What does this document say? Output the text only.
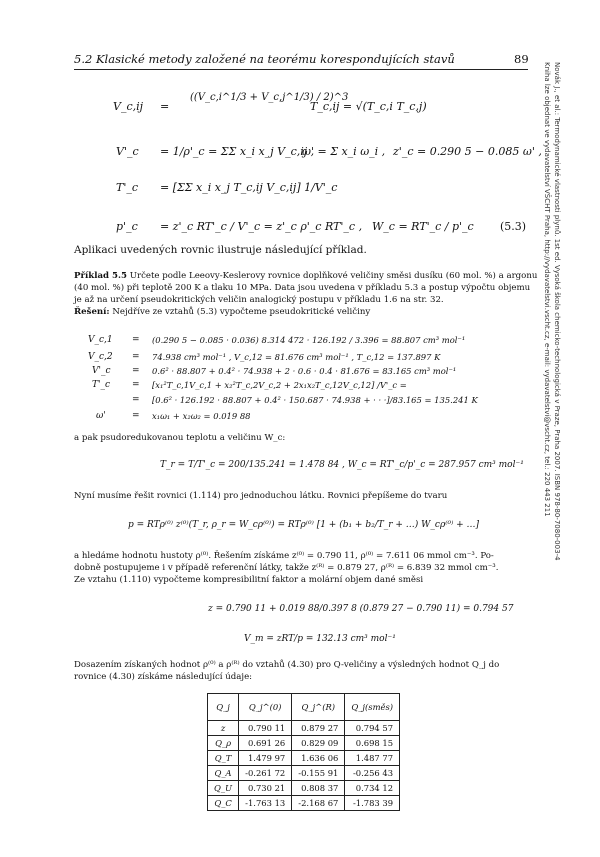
5.2 Klasické metody založené na teorému korespondujících stavů	89
Novák J., et al.: Termodynamické vlastnosti plynů. 1st ed. Vysoká škola chemicko-technologická v Praze, Praha 2007. ISBN 978-80-7080-003-4
Kniha lze objednat ve vydavatelství VŠCHT Praha, http://vydavatelstvi.vscht.cz, e-mail: vydavatelstvi@vscht.cz, tel.: 220 443 211
V_c,ij =
((V_c,i^1/3 + V_c,j^1/3) / 2)^3
T_c,ij = √(T_c,i T_c,j)
V'_c = 1/ρ'_c = ΣΣ x_i x_j V_c,ij ,
ω' = Σ x_i ω_i , z'_c = 0.290 5 − 0.085 ω' ,
T'_c = [ΣΣ x_i x_j T_c,ij V_c,ij] 1/V'_c
p'_c = z'_c RT'_c / V'_c = z'_c ρ'_c RT'_c , W_c = RT'_c / p'_c (5.3)
Aplikaci uvedených rovnic ilustruje následující příklad.
Příklad 5.5 Určete podle Leeovy-Keslerovy rovnice doplňkové veličiny směsi dusíku (60 mol. %) a argonu
(40 mol. %) při teplotě 200 K a tlaku 10 MPa. Data jsou uvedena v příkladu 5.3 a postup výpočtu objemu
je až na určení pseudokritických veličin analogický postupu v příkladu 1.6 na str. 32.
Řešení: Nejdříve ze vztahů (5.3) vypočteme pseudokritické veličiny
V_c,1 = (0.290 5 − 0.085 · 0.036) 8.314 472 · 126.192 / 3.396 = 88.807 cm³ mol⁻¹
V_c,2 = 74.938 cm³ mol⁻¹ , V_c,12 = 81.676 cm³ mol⁻¹ , T_c,12 = 137.897 K
V'_c = 0.6² · 88.807 + 0.4² · 74.938 + 2 · 0.6 · 0.4 · 81.676 = 83.165 cm³ mol⁻¹
T'_c = [x₁²T_c,1V_c,1 + x₂²T_c,2V_c,2 + 2x₁x₂T_c,12V_c,12] /V'_c =
= [0.6² · 126.192 · 88.807 + 0.4² · 150.687 · 74.938 + · · ·]/83.165 = 135.241 K
ω'	= x₁ω₁ + x₂ω₂ = 0.019 88
a pak psudoredukovanou teplotu a veličinu W_c:
T_r = T/T'_c = 200/135.241 = 1.478 84 , W_c = RT'_c/p'_c = 287.957 cm³ mol⁻¹
Nyní musíme řešit rovnici (1.114) pro jednoduchou látku. Rovnici přepíšeme do tvaru
p = RTρ⁽⁰⁾ z⁽⁰⁾(T_r, ρ_r = W_cρ⁽⁰⁾) = RTρ⁽⁰⁾ [1 + (b₁ + b₂/T_r + …) W_cρ⁽⁰⁾ + …]
a hledáme hodnotu hustoty ρ⁽⁰⁾. Řešením získáme z⁽⁰⁾ = 0.790 11, ρ⁽⁰⁾ = 7.611 06 mmol cm⁻³. Po-
dobně postupujeme i v případě referenční látky, takže z⁽ᴿ⁾ = 0.879 27, ρ⁽ᴿ⁾ = 6.839 32 mmol cm⁻³.
Ze vztahu (1.110) vypočteme kompresibilitní faktor a molární objem dané směsi
z = 0.790 11 + 0.019 88/0.397 8 (0.879 27 − 0.790 11) = 0.794 57
V_m = zRT/p = 132.13 cm³ mol⁻¹
Dosazením získaných hodnot ρ⁽⁰⁾ a ρ⁽ᴿ⁾ do vztahů (4.30) pro Q-veličiny a výsledných hodnot Q_j do
rovnice (4.30) získáme následující údaje:
Q_j	Q_j^(0)	Q_j^(R)	Q_j(směs)
z	0.790 11	0.879 27	0.794 57
Q_ρ	0.691 26	0.829 09	0.698 15
Q_T	1.479 97	1.636 06	1.487 77
Q_A	-0.261 72	-0.155 91	-0.256 43
Q_U	0.730 21	0.808 37	0.734 12
Q_C	-1.763 13	-2.168 67	-1.783 39
